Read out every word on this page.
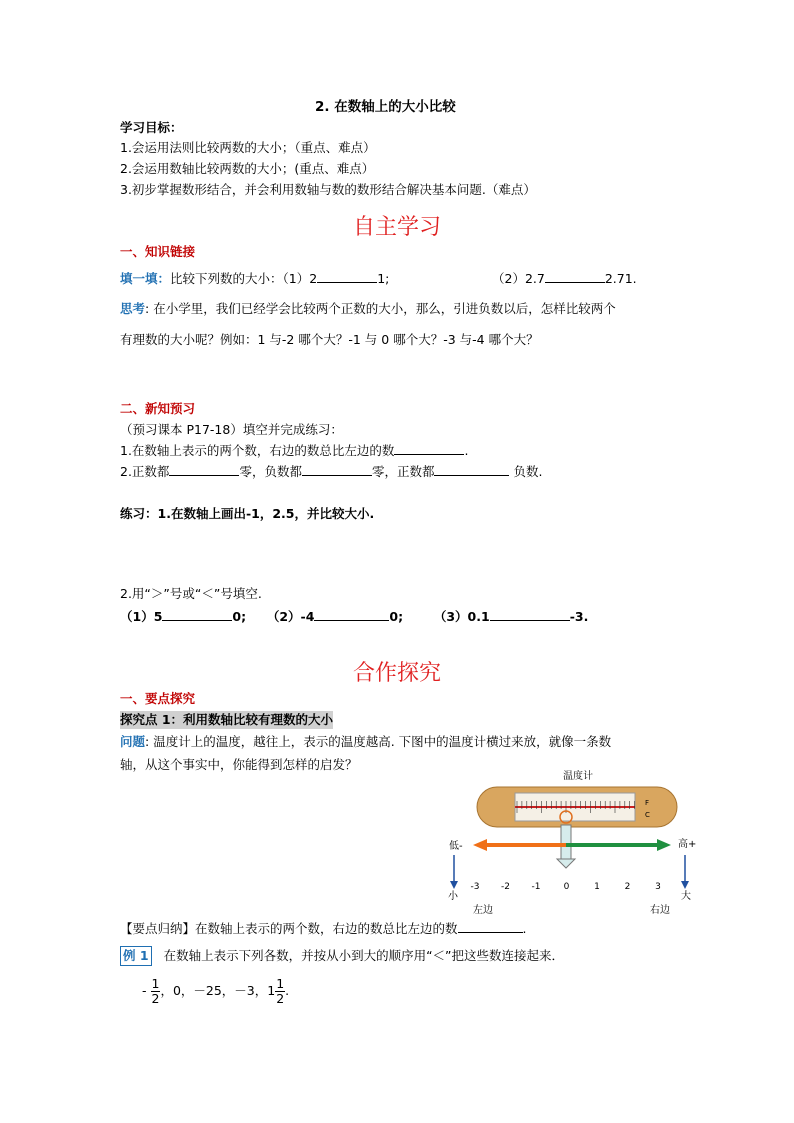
2. 在数轴上的大小比较
学习目标：
1.会运用法则比较两数的大小；（重点、难点）
2.会运用数轴比较两数的大小；(重点、难点）
3.初步掌握数形结合，并会利用数轴与数的数形结合解决基本问题.（难点）
自主学习
一、知识链接
填一填：比较下列数的大小：（1）2	1;	（2）2.7	2.71.
思考: 在小学里，我们已经学会比较两个正数的大小，那么，引进负数以后，怎样比较两个
有理数的大小呢？例如：1 与-2 哪个大？-1 与 0 哪个大？-3 与-4 哪个大？
二、新知预习
（预习课本 P17-18）填空并完成练习：
1.在数轴上表示的两个数，右边的数总比左边的数	.
2.正数都	零，负数都	零，正数都	负数.
练习：1.在数轴上画出-1，2.5，并比较大小.
2.用“＞”号或“＜”号填空.
（1）5	0; （2）-4	0; （3）0.1	-3.
合作探究
一、要点探究
探究点 1：利用数轴比较有理数的大小
问题: 温度计上的温度，越往上，表示的温度越高. 下图中的温度计横过来放，就像一条数
轴，从这个事实中，你能得到怎样的启发？
温度计
F
C
低-	高+
小	大
-3 -2 -1	0	1	2	3
左边	右边
【要点归纳】在数轴上表示的两个数，右边的数总比左边的数	.
例 1 在数轴上表示下列各数，并按从小到大的顺序用“＜”把这些数连接起来．
- $\frac{1}{2}$ ，0，－25，－3，$1 \frac{1}{2}$ .
